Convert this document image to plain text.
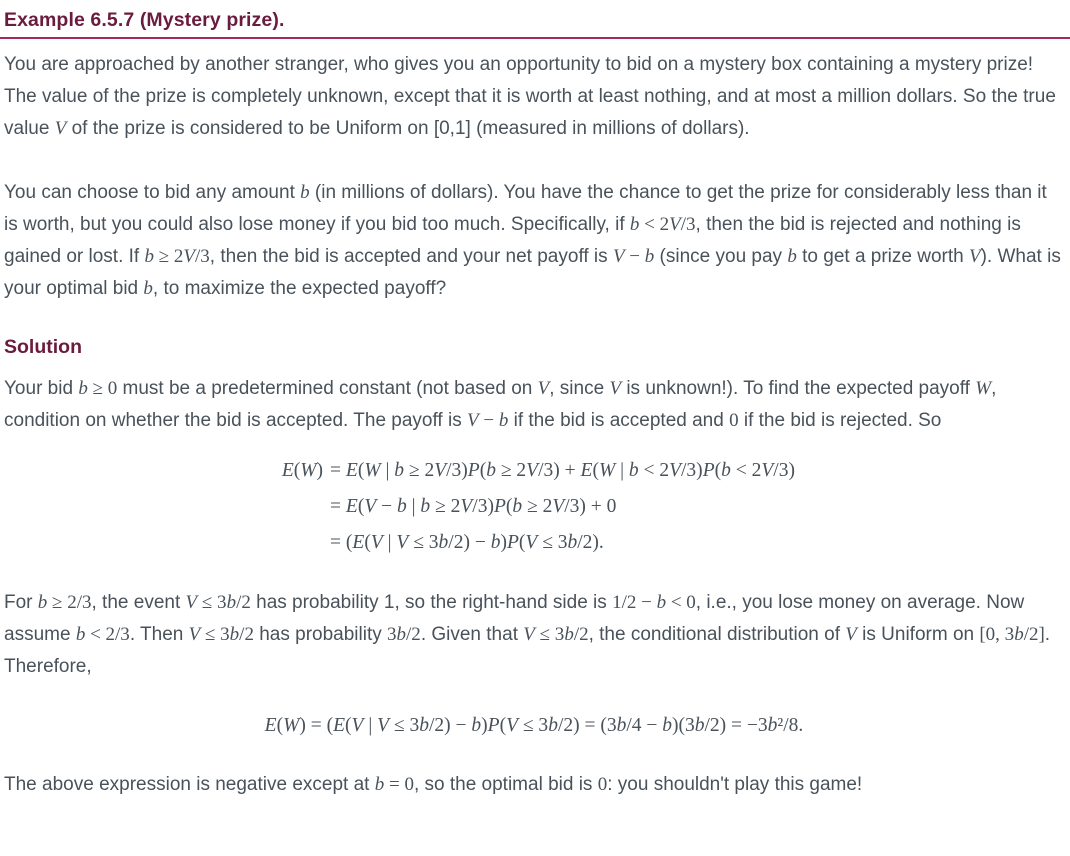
Example 6.5.7 (Mystery prize).

You are approached by another stranger, who gives you an opportunity to bid on a mystery box containing a mystery prize! The value of the prize is completely unknown, except that it is worth at least nothing, and at most a million dollars. So the true value V of the prize is considered to be Uniform on [0,1] (measured in millions of dollars).

You can choose to bid any amount b (in millions of dollars). You have the chance to get the prize for considerably less than it is worth, but you could also lose money if you bid too much. Specifically, if b < 2V/3, then the bid is rejected and nothing is gained or lost. If b ≥ 2V/3, then the bid is accepted and your net payoff is V − b (since you pay b to get a prize worth V). What is your optimal bid b, to maximize the expected payoff?

Solution

Your bid b ≥ 0 must be a predetermined constant (not based on V, since V is unknown!). To find the expected payoff W, condition on whether the bid is accepted. The payoff is V − b if the bid is accepted and 0 if the bid is rejected. So

E(W) = E(W | b ≥ 2V/3)P(b ≥ 2V/3) + E(W | b < 2V/3)P(b < 2V/3)
= E(V − b | b ≥ 2V/3)P(b ≥ 2V/3) + 0
= (E(V | V ≤ 3b/2) − b)P(V ≤ 3b/2).

For b ≥ 2/3, the event V ≤ 3b/2 has probability 1, so the right-hand side is 1/2 − b < 0, i.e., you lose money on average. Now assume b < 2/3. Then V ≤ 3b/2 has probability 3b/2. Given that V ≤ 3b/2, the conditional distribution of V is Uniform on [0, 3b/2]. Therefore,

E(W) = (E(V | V ≤ 3b/2) − b)P(V ≤ 3b/2) = (3b/4 − b)(3b/2) = −3b²/8.

The above expression is negative except at b = 0, so the optimal bid is 0: you shouldn't play this game!
